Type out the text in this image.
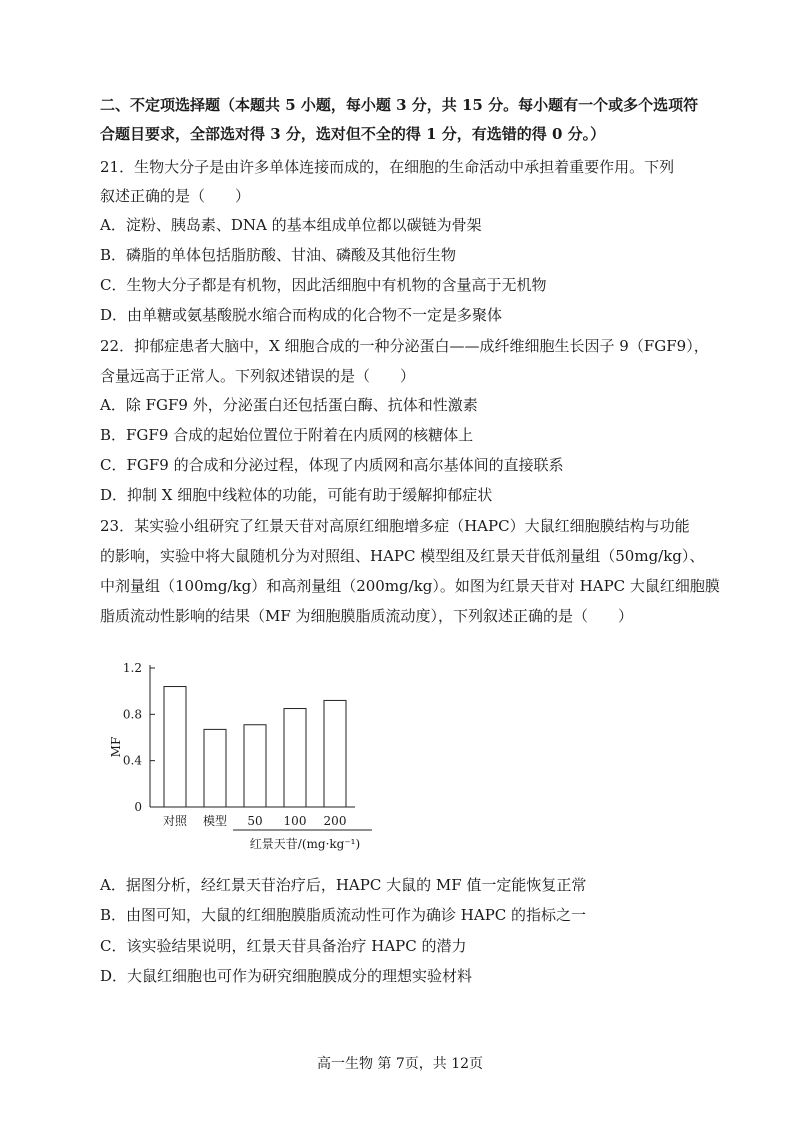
二、不定项选择题（本题共 5 小题，每小题 3 分，共 15 分。每小题有一个或多个选项符
合题目要求，全部选对得 3 分，选对但不全的得 1 分，有选错的得 0 分。）
21．生物大分子是由许多单体连接而成的，在细胞的生命活动中承担着重要作用。下列
叙述正确的是（　　）
A．淀粉、胰岛素、DNA 的基本组成单位都以碳链为骨架
B．磷脂的单体包括脂肪酸、甘油、磷酸及其他衍生物
C．生物大分子都是有机物，因此活细胞中有机物的含量高于无机物
D．由单糖或氨基酸脱水缩合而构成的化合物不一定是多聚体
22．抑郁症患者大脑中，X 细胞合成的一种分泌蛋白——成纤维细胞生长因子 9（FGF9），
含量远高于正常人。下列叙述错误的是（　　）
A．除 FGF9 外，分泌蛋白还包括蛋白酶、抗体和性激素
B．FGF9 合成的起始位置位于附着在内质网的核糖体上
C．FGF9 的合成和分泌过程，体现了内质网和高尔基体间的直接联系
D．抑制 X 细胞中线粒体的功能，可能有助于缓解抑郁症状
23．某实验小组研究了红景天苷对高原红细胞增多症（HAPC）大鼠红细胞膜结构与功能
的影响，实验中将大鼠随机分为对照组、HAPC 模型组及红景天苷低剂量组（50mg/kg）、
中剂量组（100mg/kg）和高剂量组（200mg/kg）。如图为红景天苷对 HAPC 大鼠红细胞膜
脂质流动性影响的结果（MF 为细胞膜脂质流动度），下列叙述正确的是（　　）
0
0.4
0.8
1.2
对照 模型 50 100 200
MF
红景天苷/(mg·kg⁻¹)
A．据图分析，经红景天苷治疗后，HAPC 大鼠的 MF 值一定能恢复正常
B．由图可知，大鼠的红细胞膜脂质流动性可作为确诊 HAPC 的指标之一
C．该实验结果说明，红景天苷具备治疗 HAPC 的潜力
D．大鼠红细胞也可作为研究细胞膜成分的理想实验材料
高一生物 第 7页，共 12页
